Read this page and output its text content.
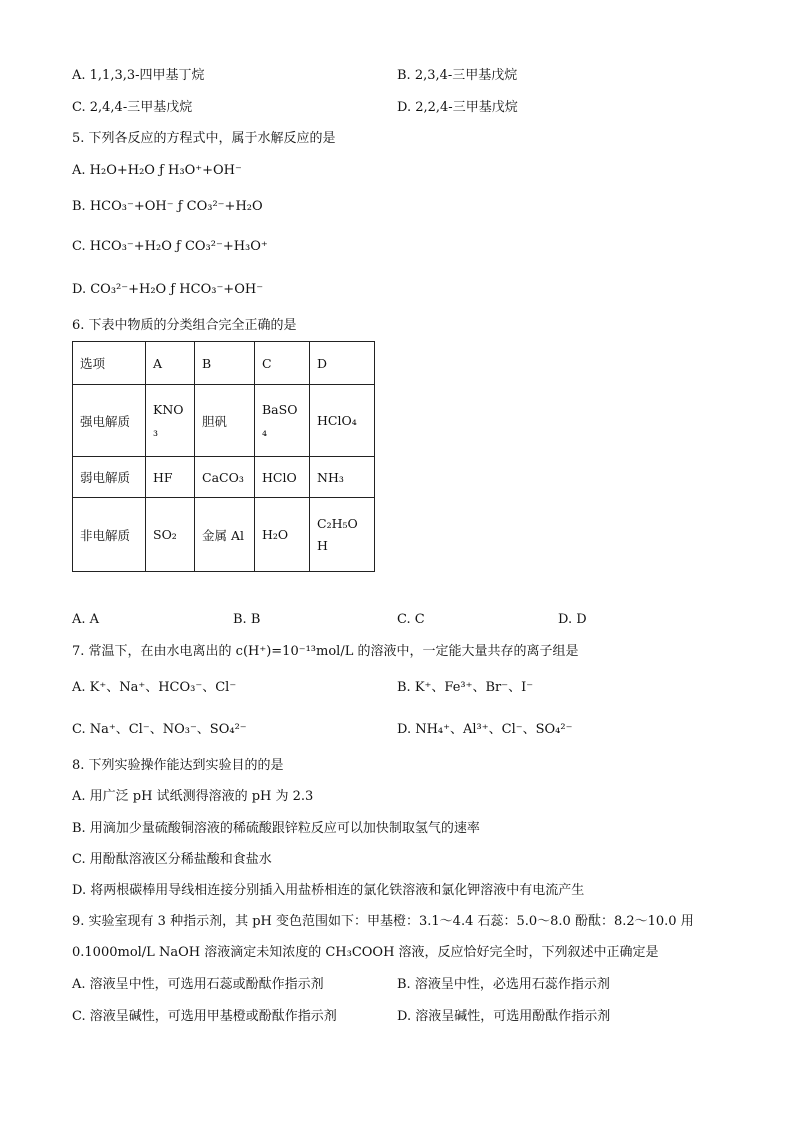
A. 1,1,3,3-四甲基丁烷	B. 2,3,4-三甲基戊烷
C. 2,4,4-三甲基戊烷	D. 2,2,4-三甲基戊烷
5. 下列各反应的方程式中，属于水解反应的是
A. H₂O+H₂O ƒ H₃O⁺+OH⁻
B. HCO₃⁻+OH⁻ ƒ CO₃²⁻+H₂O
C. HCO₃⁻+H₂O ƒ CO₃²⁻+H₃O⁺
D. CO₃²⁻+H₂O ƒ HCO₃⁻+OH⁻
6. 下表中物质的分类组合完全正确的是
选项	A	B	C	D
强电解质	KNO₃	胆矾	BaSO₄	HClO₄
弱电解质	HF	CaCO₃	HClO	NH₃
非电解质	SO₂	金属 Al	H₂O	C₂H₅OH
A. A	B. B	C. C	D. D
7. 常温下，在由水电离出的 c(H⁺)=10⁻¹³mol/L 的溶液中，一定能大量共存的离子组是
A. K⁺、Na⁺、HCO₃⁻、Cl⁻	B. K⁺、Fe³⁺、Br⁻、I⁻
C. Na⁺、Cl⁻、NO₃⁻、SO₄²⁻	D. NH₄⁺、Al³⁺、Cl⁻、SO₄²⁻
8. 下列实验操作能达到实验目的的是
A. 用广泛 pH 试纸测得溶液的 pH 为 2.3
B. 用滴加少量硫酸铜溶液的稀硫酸跟锌粒反应可以加快制取氢气的速率
C. 用酚酞溶液区分稀盐酸和食盐水
D. 将两根碳棒用导线相连接分别插入用盐桥相连的氯化铁溶液和氯化钾溶液中有电流产生
9. 实验室现有 3 种指示剂，其 pH 变色范围如下：甲基橙：3.1～4.4 石蕊：5.0～8.0 酚酞：8.2～10.0 用
0.1000mol/L NaOH 溶液滴定未知浓度的 CH₃COOH 溶液，反应恰好完全时，下列叙述中正确定是
A. 溶液呈中性，可选用石蕊或酚酞作指示剂	B. 溶液呈中性，必选用石蕊作指示剂
C. 溶液呈碱性，可选用甲基橙或酚酞作指示剂	D. 溶液呈碱性，可选用酚酞作指示剂
